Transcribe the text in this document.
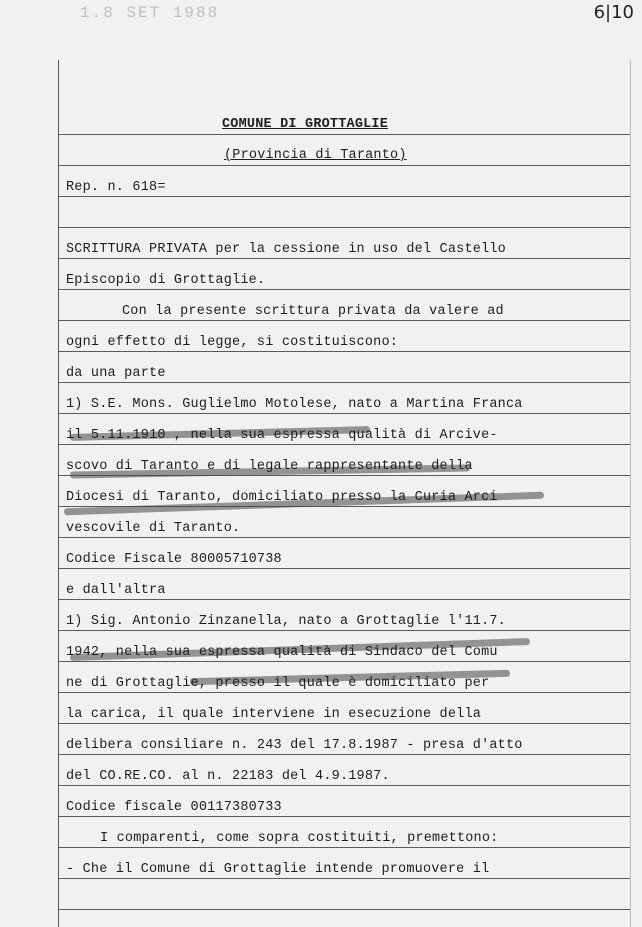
1.8 SET 1988	6|10
COMUNE DI GROTTAGLIE
(Provincia di Taranto)
Rep. n. 618=
SCRITTURA PRIVATA per la cessione in uso del Castello
Episcopio di Grottaglie.
Con la presente scrittura privata da valere ad
ogni effetto di legge, si costituiscono:
da una parte
1) S.E. Mons. Guglielmo Motolese, nato a Martina Franca
il 5.11.1910 , nella sua espressa qualità di Arcive-
scovo di Taranto e di legale rappresentante della
Diocesi di Taranto, domiciliato presso la Curia Arci
vescovile di Taranto.
Codice Fiscale 80005710738
e dall'altra
1) Sig. Antonio Zinzanella, nato a Grottaglie l'11.7.
1942, nella sua espressa qualità di Sindaco del Comu
ne di Grottaglie, presso il quale è domiciliato per
la carica, il quale interviene in esecuzione della
delibera consiliare n. 243 del 17.8.1987 - presa d'atto
del CO.RE.CO. al n. 22183 del 4.9.1987.
Codice fiscale 00117380733
I comparenti, come sopra costituiti, premettono:
- Che il Comune di Grottaglie intende promuovere il
